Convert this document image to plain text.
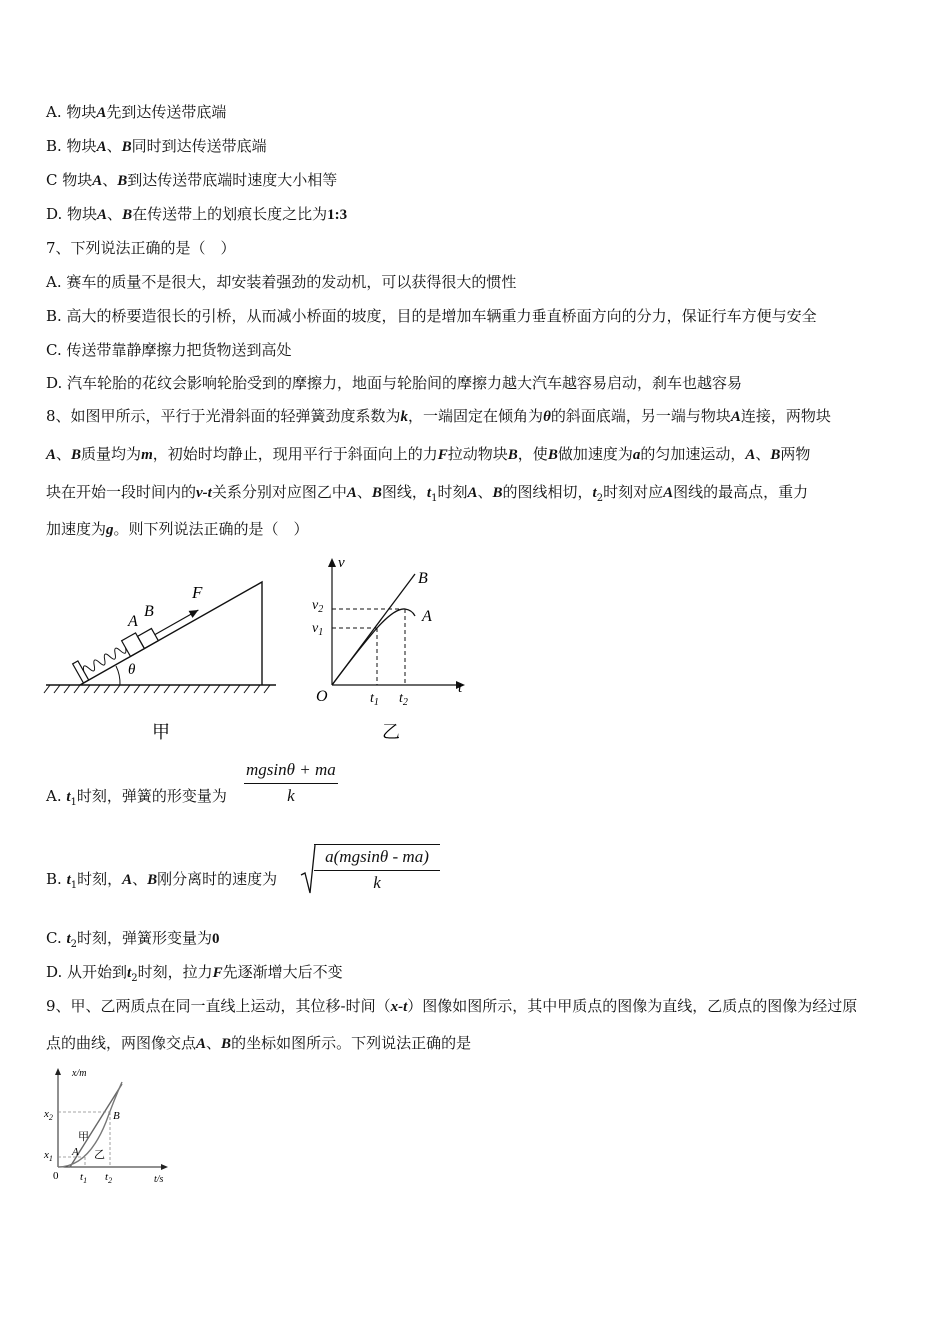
A. 物块A先到达传送带底端
B. 物块A、B同时到达传送带底端
C 物块A、B到达传送带底端时速度大小相等
D. 物块A、B在传送带上的划痕长度之比为1:3
7、下列说法正确的是（　）
A. 赛车的质量不是很大，却安装着强劲的发动机，可以获得很大的惯性
B. 高大的桥要造很长的引桥，从而减小桥面的坡度，目的是增加车辆重力垂直桥面方向的分力，保证行车方便与安全
C. 传送带靠静摩擦力把货物送到高处
D. 汽车轮胎的花纹会影响轮胎受到的摩擦力，地面与轮胎间的摩擦力越大汽车越容易启动，刹车也越容易
8、如图甲所示，平行于光滑斜面的轻弹簧劲度系数为k，一端固定在倾角为θ的斜面底端，另一端与物块A连接，两物块
A、B质量均为m，初始时均静止，现用平行于斜面向上的力F拉动物块B，使B做加速度为a的匀加速运动，A、B两物
块在开始一段时间内的v-t关系分别对应图乙中A、B图线，$t_1$时刻A、B的图线相切，$t_2$时刻对应A图线的最高点，重力
加速度为g。则下列说法正确的是（　）
θ
A
B
F
甲
v
t
O
B
A
$v_2$
$v_1$
$t_1$ $t_2$
乙
A. $t_1$时刻，弹簧的形变量为 $\frac{mgsin\theta + ma}{k}$
B. $t_1$时刻，A、B刚分离时的速度为 $\frac{a(mgsin\theta - ma)}{k}$
C. $t_2$时刻，弹簧形变量为0
D. 从开始到$t_2$时刻，拉力F先逐渐增大后不变
9、甲、乙两质点在同一直线上运动，其位移-时间（x-t）图像如图所示，其中甲质点的图像为直线，乙质点的图像为经过原
点的曲线，两图像交点A、B的坐标如图所示。下列说法正确的是
x/m
t/s
$x_2$
$x_1$
0 $t_1$ $t_2$
A
B
甲
乙
